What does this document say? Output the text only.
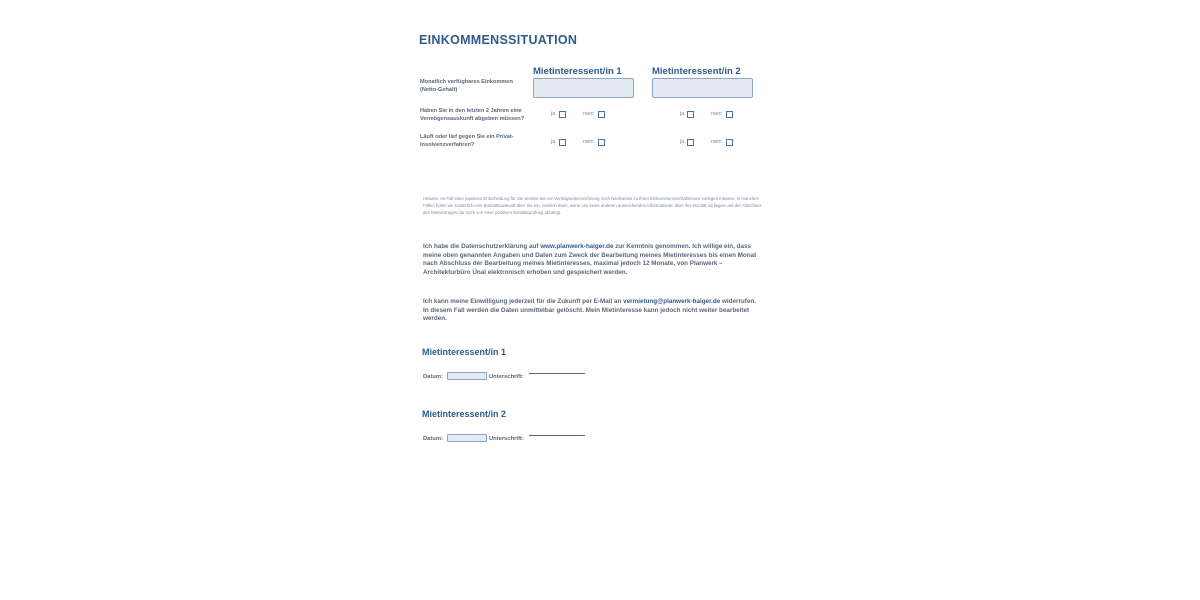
EINKOMMENSSITUATION
Mietinteressent/in 1	Mietinteressent/in 2
Monatlich verfügbares Einkommen (Netto-Gehalt)
Haben Sie in den letzten 2 Jahren eine Vermögensauskunft abgeben müssen?
ja	nein	ja	nein
Läuft oder lief gegen Sie ein Privat-Insolvenzverfahren?
ja	nein	ja	nein
Hinweis: Im Fall einer positiven Entscheidung für Sie werden Sie vor Vertragsunterzeichnung noch Nachweise zu Ihren Einkommensverhältnissen vorlegen müssen. In manchen Fällen holen wir zusätzlich eine Bonitätsauskunft über Sie ein, nämlich dann, wenn uns keine anderen ausreichenden Informationen über Ihre Bonität vorliegen und der Abschluss des Mietvertrages nur noch von einer positiven Bonitätsprüfung abhängt.
Ich habe die Datenschutzerklärung auf www.planwerk-haiger.de zur Kenntnis genommen. Ich willige ein, dass meine oben genannten Angaben und Daten zum Zweck der Bearbeitung meines Mietinteresses bis einen Monat nach Abschluss der Bearbeitung meines Mietinteresses, maximal jedoch 12 Monate, von Planwerk – Architekturbüro Ünal elektronisch erhoben und gespeichert werden.
Ich kann meine Einwilligung jederzeit für die Zukunft per E-Mail an vermietung@planwerk-haiger.de widerrufen. In diesem Fall werden die Daten unmittelbar gelöscht. Mein Mietinteresse kann jedoch nicht weiter bearbeitet werden.
Mietinteressent/in 1
Datum:	Unterschrift:
Mietinteressent/in 2
Datum:	Unterschrift:
